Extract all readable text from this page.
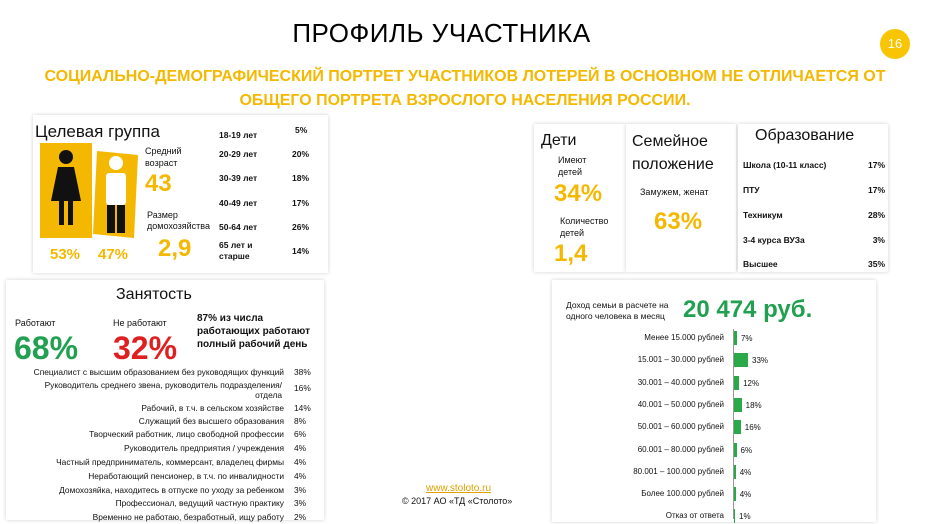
ПРОФИЛЬ УЧАСТНИКА	16
СОЦИАЛЬНО-ДЕМОГРАФИЧЕСКИЙ ПОРТРЕТ УЧАСТНИКОВ ЛОТЕРЕЙ В ОСНОВНОМ НЕ ОТЛИЧАЕТСЯ ОТ
ОБЩЕГО ПОРТРЕТА ВЗРОСЛОГО НАСЕЛЕНИЯ РОССИИ.
Целевая группа
53% 47%
Средний возраст
43
Размер домохозяйства
2,9
18-19 лет	5%
20-29 лет	20%
30-39 лет	18%
40-49 лет	17%
50-64 лет	26%
65 лет и старше	14%
Дети
Имеют детей
34%
Количество детей
1,4
Семейное положение
Замужем, женат
63%
Образование
Школа (10-11 класс)	17%
ПТУ	17%
Техникум	28%
3-4 курса ВУЗа	3%
Высшее	35%
Занятость
Работают
68%
Не работают
32%
87% из числа работающих работают полный рабочий день
Специалист с высшим образованием без руководящих функций 38%
Руководитель среднего звена, руководитель подразделения/отдела
16%
Рабочий, в т.ч. в сельском хозяйстве 14%
Служащий без высшего образования 8%
Творческий работник, лицо свободной профессии 6%
Руководитель предприятия / учреждения 4%
Частный предприниматель, коммерсант, владелец фирмы 4%
Неработающий пенсионер, в т.ч. по инвалидности 4%
Домохозяйка, находитесь в отпуске по уходу за ребенком 3%
Профессионал, ведущий частную практику 3%
Временно не работаю, безработный, ищу работу 2%
Доход семьи в расчете на одного человека в месяц 20 474 руб.
Менее 15.000 рублей 7%
15.001 – 30.000 рублей	33%
30.001 – 40.000 рублей 12%
40.001 – 50.000 рублей	18%
50.001 – 60.000 рублей	16%
60.001 – 80.000 рублей 6%
80.001 – 100.000 рублей 4%
Более 100.000 рублей 4%
Отказ от ответа 1%
www.stoloto.ru
© 2017 АО «ТД «Столото»
